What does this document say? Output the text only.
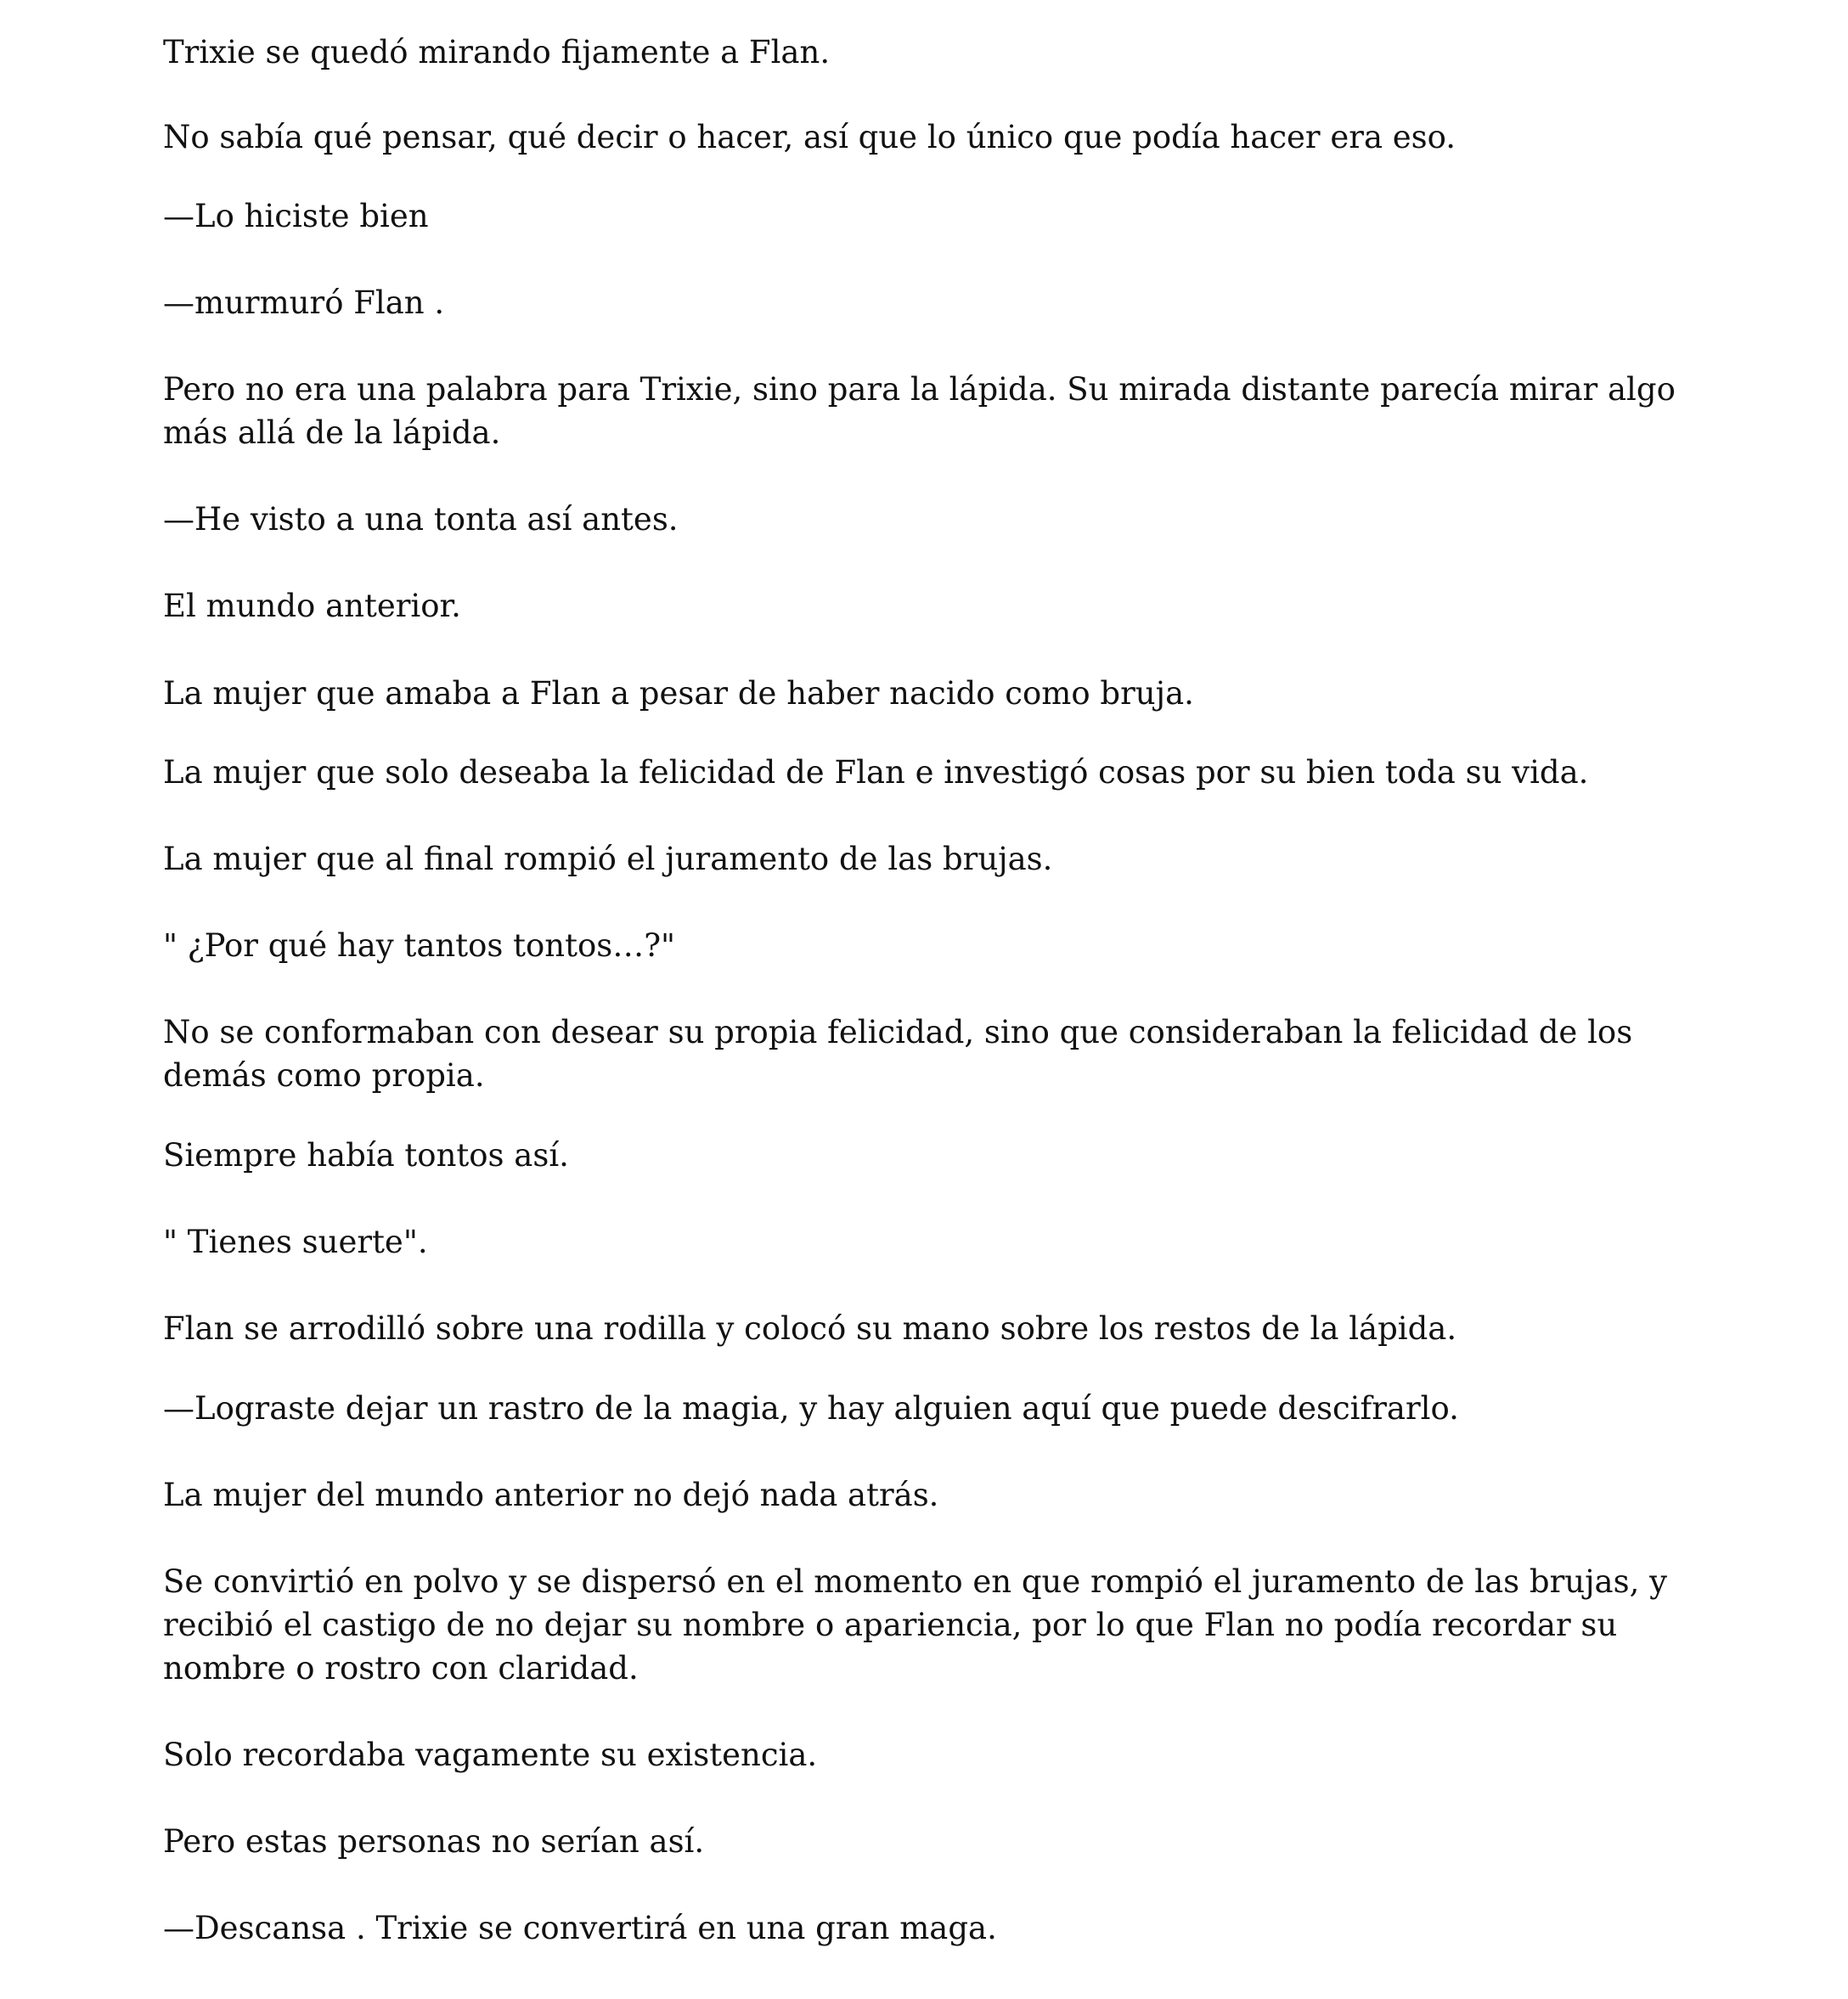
Trixie se quedó mirando fijamente a Flan.

No sabía qué pensar, qué decir o hacer, así que lo único que podía hacer era eso.

—Lo hiciste bien

—murmuró Flan .

Pero no era una palabra para Trixie, sino para la lápida. Su mirada distante parecía mirar algo más allá de la lápida.

—He visto a una tonta así antes.

El mundo anterior.

La mujer que amaba a Flan a pesar de haber nacido como bruja.

La mujer que solo deseaba la felicidad de Flan e investigó cosas por su bien toda su vida.

La mujer que al final rompió el juramento de las brujas.

" ¿Por qué hay tantos tontos…?"

No se conformaban con desear su propia felicidad, sino que consideraban la felicidad de los demás como propia.

Siempre había tontos así.

" Tienes suerte".

Flan se arrodilló sobre una rodilla y colocó su mano sobre los restos de la lápida.

—Lograste dejar un rastro de la magia, y hay alguien aquí que puede descifrarlo.

La mujer del mundo anterior no dejó nada atrás.

Se convirtió en polvo y se dispersó en el momento en que rompió el juramento de las brujas, y recibió el castigo de no dejar su nombre o apariencia, por lo que Flan no podía recordar su nombre o rostro con claridad.

Solo recordaba vagamente su existencia.

Pero estas personas no serían así.

—Descansa . Trixie se convertirá en una gran maga.
